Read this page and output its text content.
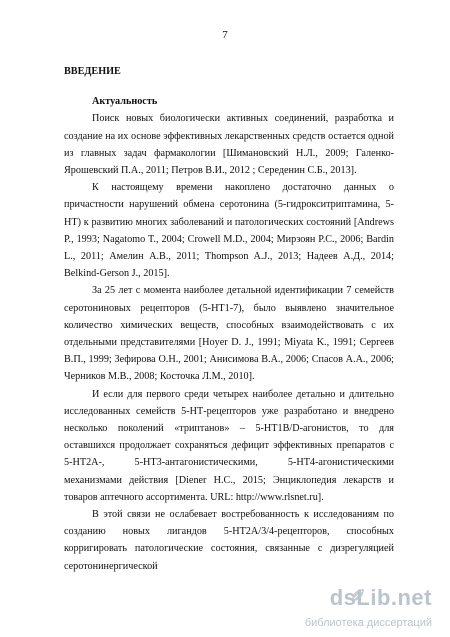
7

ВВЕДЕНИЕ

Актуальность

Поиск новых биологически активных соединений, разработка и создание на их основе эффективных лекарственных средств остается одной из главных задач фармакологии [Шимановский Н.Л., 2009; Галенко-Ярошевский П.А., 2011; Петров В.И., 2012 ; Середенин С.Б., 2013].

К настоящему времени накоплено достаточно данных о причастности нарушений обмена серотонина (5-гидрокситриптамина, 5-НТ) к развитию многих заболеваний и патологических состояний [Andrews P., 1993; Nagatomo T., 2004; Crowell M.D., 2004; Мирзоян Р.С., 2006; Bardin L., 2011; Амелин А.В., 2011; Thompson A.J., 2013; Надеев А.Д., 2014; Belkind-Gerson J., 2015].

За 25 лет с момента наиболее детальной идентификации 7 семейств серотониновых рецепторов (5-НТ1-7), было выявлено значительное количество химических веществ, способных взаимодействовать с их отдельными представителями [Hoyer D. J., 1991; Miyata K., 1991; Сергеев В.П., 1999; Зефирова О.Н., 2001; Анисимова В.А., 2006; Спасов А.А., 2006; Черников М.В., 2008; Косточка Л.М., 2010].

И если для первого среди четырех наиболее детально и длительно исследованных семейств 5-НТ-рецепторов уже разработано и внедрено несколько поколений «триптанов» – 5-НТ1B/D-агонистов, то для оставшихся продолжает сохраняться дефицит эффективных препаратов с 5-НТ2A-, 5-НТ3-антагонистическими, 5-НТ4-агонистическими механизмами действия [Diener H.C., 2015; Энциклопедия лекарств и товаров аптечного ассортимента. URL: http://www.rlsnet.ru].

В этой связи не ослабевает востребованность к исследованиям по созданию новых лигандов 5-НТ2A/3/4-рецепторов, способных корригировать патологические состояния, связанные с дизрегуляцией серотонинергической

dsLib.net
библиотека диссертаций
